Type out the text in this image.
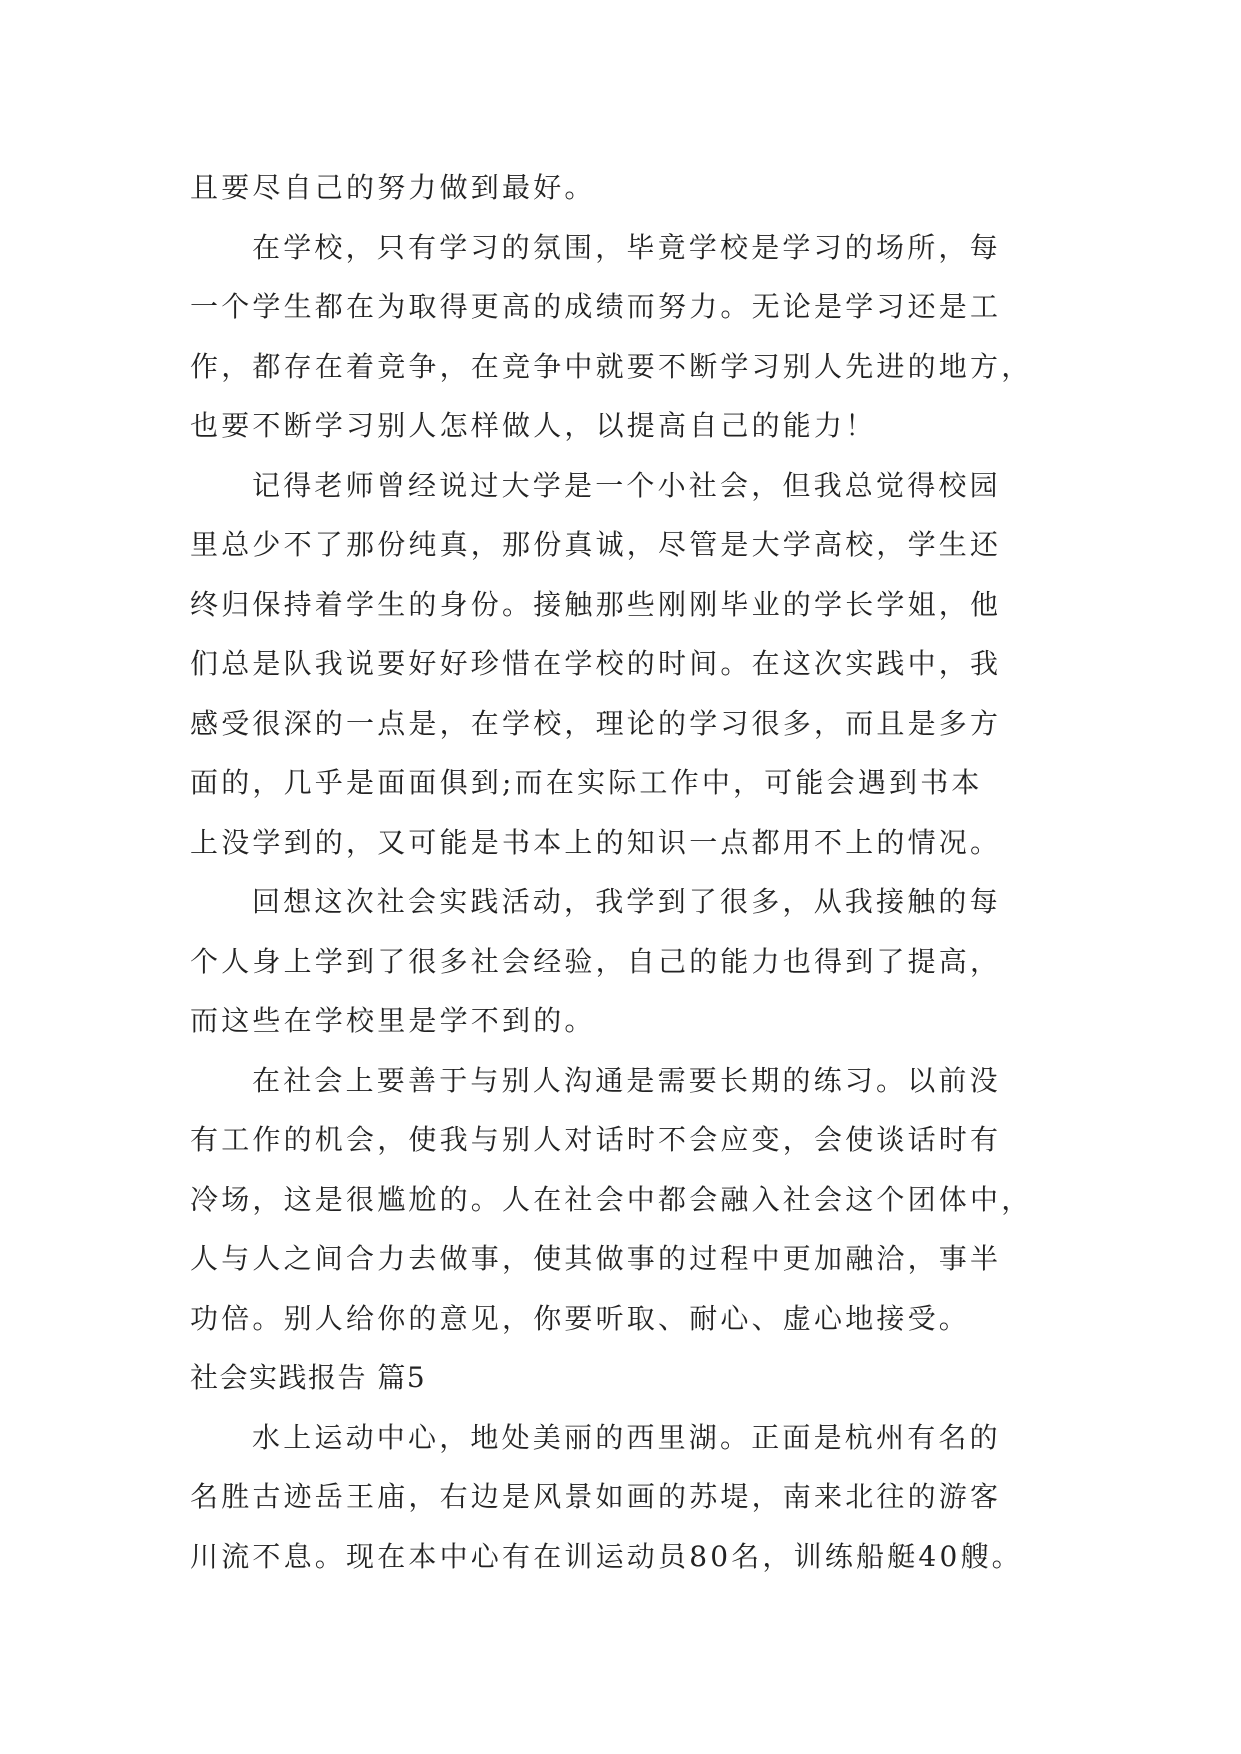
且要尽自己的努力做到最好。
在学校，只有学习的氛围，毕竟学校是学习的场所，每
一个学生都在为取得更高的成绩而努力。无论是学习还是工
作，都存在着竞争，在竞争中就要不断学习别人先进的地方，
也要不断学习别人怎样做人，以提高自己的能力！
记得老师曾经说过大学是一个小社会，但我总觉得校园
里总少不了那份纯真，那份真诚，尽管是大学高校，学生还
终归保持着学生的身份。接触那些刚刚毕业的学长学姐，他
们总是队我说要好好珍惜在学校的时间。在这次实践中，我
感受很深的一点是，在学校，理论的学习很多，而且是多方
面的，几乎是面面俱到;而在实际工作中，可能会遇到书本
上没学到的，又可能是书本上的知识一点都用不上的情况。
回想这次社会实践活动，我学到了很多，从我接触的每
个人身上学到了很多社会经验，自己的能力也得到了提高，
而这些在学校里是学不到的。
在社会上要善于与别人沟通是需要长期的练习。以前没
有工作的机会，使我与别人对话时不会应变，会使谈话时有
冷场，这是很尴尬的。人在社会中都会融入社会这个团体中，
人与人之间合力去做事，使其做事的过程中更加融洽，事半
功倍。别人给你的意见，你要听取、耐心、虚心地接受。
社会实践报告 篇5
水上运动中心，地处美丽的西里湖。正面是杭州有名的
名胜古迹岳王庙，右边是风景如画的苏堤，南来北往的游客
川流不息。现在本中心有在训运动员80名，训练船艇40艘。
